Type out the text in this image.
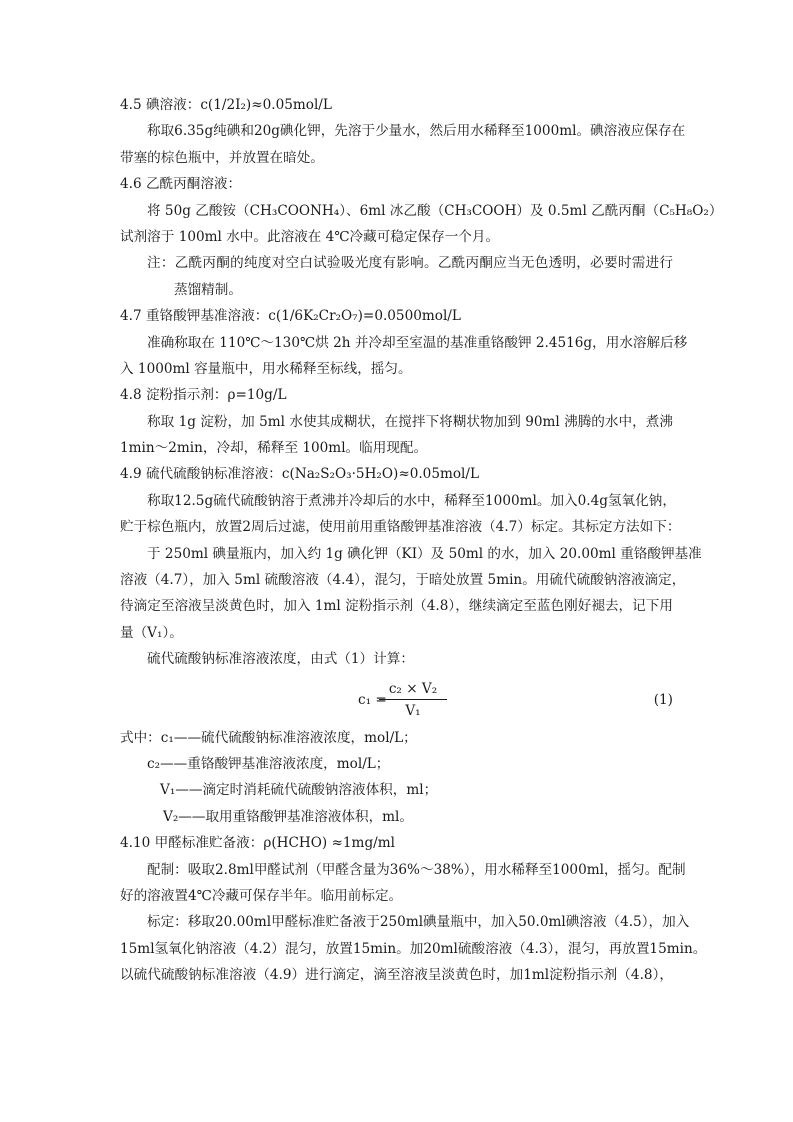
4.5 碘溶液：c(1/2I₂)≈0.05mol/L
称取6.35g纯碘和20g碘化钾，先溶于少量水，然后用水稀释至1000ml。碘溶液应保存在
带塞的棕色瓶中，并放置在暗处。
4.6 乙酰丙酮溶液：
将 50g 乙酸铵（CH₃COONH₄）、6ml 冰乙酸（CH₃COOH）及 0.5ml 乙酰丙酮（C₅H₈O₂）
试剂溶于 100ml 水中。此溶液在 4℃冷藏可稳定保存一个月。
注：乙酰丙酮的纯度对空白试验吸光度有影响。乙酰丙酮应当无色透明，必要时需进行
蒸馏精制。
4.7 重铬酸钾基准溶液：c(1/6K₂Cr₂O₇)=0.0500mol/L
准确称取在 110℃～130℃烘 2h 并冷却至室温的基准重铬酸钾 2.4516g，用水溶解后移
入 1000ml 容量瓶中，用水稀释至标线，摇匀。
4.8 淀粉指示剂：ρ=10g/L
称取 1g 淀粉，加 5ml 水使其成糊状，在搅拌下将糊状物加到 90ml 沸腾的水中，煮沸
1min～2min，冷却，稀释至 100ml。临用现配。
4.9 硫代硫酸钠标准溶液：c(Na₂S₂O₃·5H₂O)≈0.05mol/L
称取12.5g硫代硫酸钠溶于煮沸并冷却后的水中，稀释至1000ml。加入0.4g氢氧化钠，
贮于棕色瓶内，放置2周后过滤，使用前用重铬酸钾基准溶液（4.7）标定。其标定方法如下：
于 250ml 碘量瓶内，加入约 1g 碘化钾（KI）及 50ml 的水，加入 20.00ml 重铬酸钾基准
溶液（4.7），加入 5ml 硫酸溶液（4.4），混匀，于暗处放置 5min。用硫代硫酸钠溶液滴定，
待滴定至溶液呈淡黄色时，加入 1ml 淀粉指示剂（4.8），继续滴定至蓝色刚好褪去，记下用
量（V₁）。
硫代硫酸钠标准溶液浓度，由式（1）计算：
c₁ =
$\frac{\text{c₂ × V₂}}{\text{V₁}}$	(1)
式中：c₁——硫代硫酸钠标准溶液浓度，mol/L；
c₂——重铬酸钾基准溶液浓度，mol/L；
V₁——滴定时消耗硫代硫酸钠溶液体积，ml；
V₂——取用重铬酸钾基准溶液体积，ml。
4.10 甲醛标准贮备液：ρ(HCHO) ≈1mg/ml
配制：吸取2.8ml甲醛试剂（甲醛含量为36%～38%），用水稀释至1000ml，摇匀。配制
好的溶液置4℃冷藏可保存半年。临用前标定。
标定：移取20.00ml甲醛标准贮备液于250ml碘量瓶中，加入50.0ml碘溶液（4.5），加入
15ml氢氧化钠溶液（4.2）混匀，放置15min。加20ml硫酸溶液（4.3），混匀，再放置15min。
以硫代硫酸钠标准溶液（4.9）进行滴定，滴至溶液呈淡黄色时，加1ml淀粉指示剂（4.8），
